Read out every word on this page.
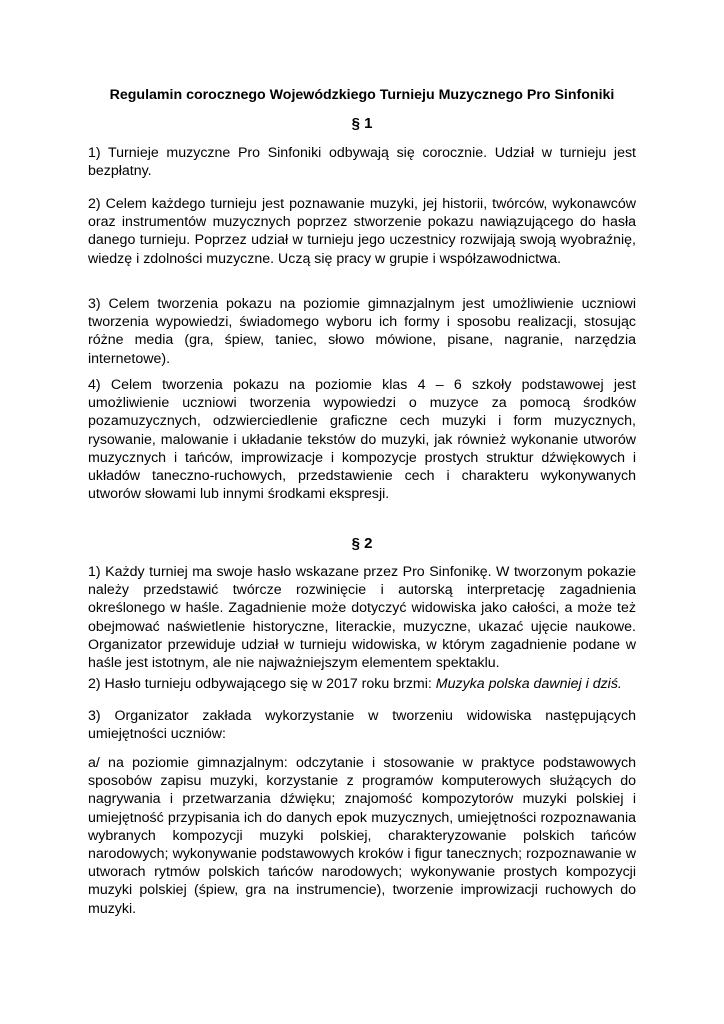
Regulamin corocznego Wojewódzkiego Turnieju Muzycznego Pro Sinfoniki
§ 1
1) Turnieje muzyczne Pro Sinfoniki odbywają się corocznie. Udział w turnieju jest bezpłatny.
2) Celem każdego turnieju jest poznawanie muzyki, jej historii, twórców, wykonawców oraz instrumentów muzycznych poprzez stworzenie pokazu nawiązującego do hasła danego turnieju. Poprzez udział w turnieju jego uczestnicy rozwijają swoją wyobraźnię, wiedzę i zdolności muzyczne. Uczą się pracy w grupie i współzawodnictwa.
3) Celem tworzenia pokazu na poziomie gimnazjalnym jest umożliwienie uczniowi tworzenia wypowiedzi, świadomego wyboru ich formy i sposobu realizacji, stosując różne media (gra, śpiew, taniec, słowo mówione, pisane, nagranie, narzędzia internetowe).
4) Celem tworzenia pokazu na poziomie klas 4 – 6 szkoły podstawowej jest umożliwienie uczniowi tworzenia wypowiedzi o muzyce za pomocą środków pozamuzycznych, odzwierciedlenie graficzne cech muzyki i form muzycznych, rysowanie, malowanie i układanie tekstów do muzyki, jak również wykonanie utworów muzycznych i tańców, improwizacje i kompozycje prostych struktur dźwiękowych i układów taneczno-ruchowych, przedstawienie cech i charakteru wykonywanych utworów słowami lub innymi środkami ekspresji.
§ 2
1) Każdy turniej ma swoje hasło wskazane przez Pro Sinfonikę. W tworzonym pokazie należy przedstawić twórcze rozwinięcie i autorską interpretację zagadnienia określonego w haśle. Zagadnienie może dotyczyć widowiska jako całości, a może też obejmować naświetlenie historyczne, literackie, muzyczne, ukazać ujęcie naukowe. Organizator przewiduje udział w turnieju widowiska, w którym zagadnienie podane w haśle jest istotnym, ale nie najważniejszym elementem spektaklu.
2) Hasło turnieju odbywającego się w 2017 roku brzmi: Muzyka polska dawniej i dziś.
3) Organizator zakłada wykorzystanie w tworzeniu widowiska następujących umiejętności uczniów:
a/ na poziomie gimnazjalnym: odczytanie i stosowanie w praktyce podstawowych sposobów zapisu muzyki, korzystanie z programów komputerowych służących do nagrywania i przetwarzania dźwięku; znajomość kompozytorów muzyki polskiej i umiejętność przypisania ich do danych epok muzycznych, umiejętności rozpoznawania wybranych kompozycji muzyki polskiej, charakteryzowanie polskich tańców narodowych; wykonywanie podstawowych kroków i figur tanecznych; rozpoznawanie w utworach rytmów polskich tańców narodowych; wykonywanie prostych kompozycji muzyki polskiej (śpiew, gra na instrumencie), tworzenie improwizacji ruchowych do muzyki.
